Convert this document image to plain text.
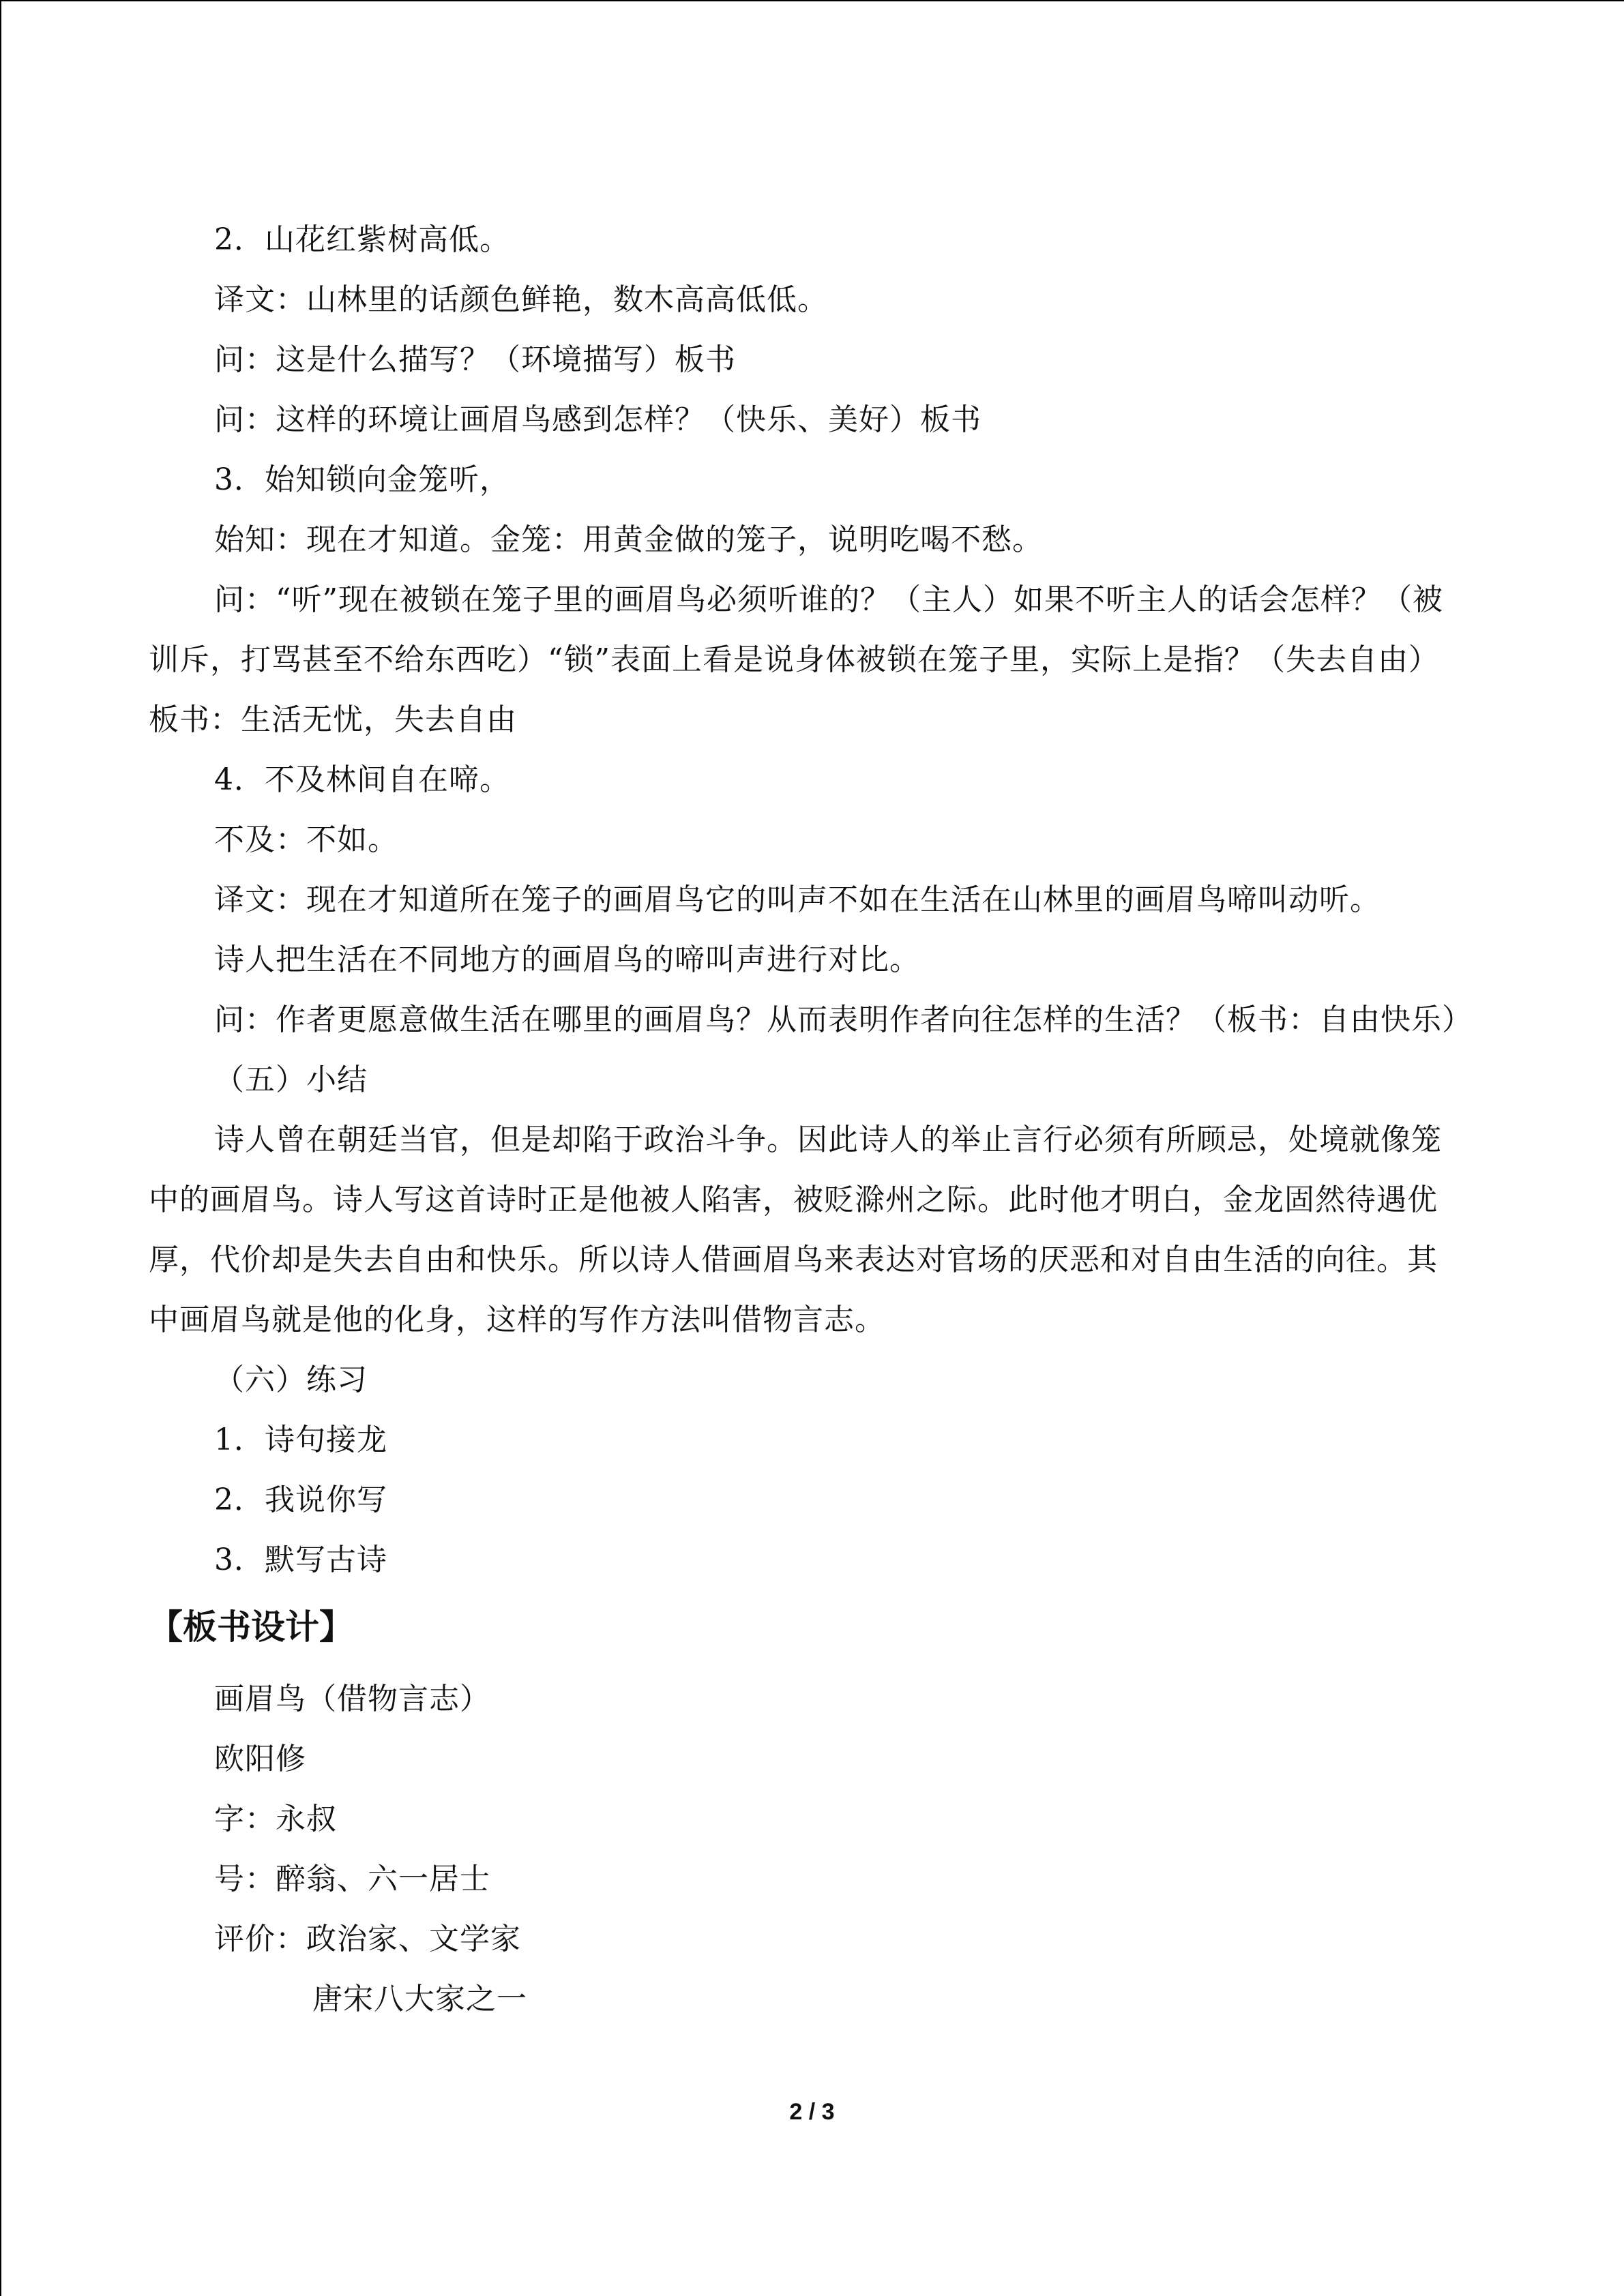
2．山花红紫树高低。

译文：山林里的话颜色鲜艳，数木高高低低。

问：这是什么描写？（环境描写）板书

问：这样的环境让画眉鸟感到怎样？（快乐、美好）板书

3．始知锁向金笼听，

始知：现在才知道。金笼：用黄金做的笼子，说明吃喝不愁。

问：“听”现在被锁在笼子里的画眉鸟必须听谁的？（主人）如果不听主人的话会怎样？（被训斥，打骂甚至不给东西吃）“锁”表面上看是说身体被锁在笼子里，实际上是指？（失去自由）板书：生活无忧，失去自由

4．不及林间自在啼。

不及：不如。

译文：现在才知道所在笼子的画眉鸟它的叫声不如在生活在山林里的画眉鸟啼叫动听。

诗人把生活在不同地方的画眉鸟的啼叫声进行对比。

问：作者更愿意做生活在哪里的画眉鸟？从而表明作者向往怎样的生活？（板书：自由快乐）

（五）小结

诗人曾在朝廷当官，但是却陷于政治斗争。因此诗人的举止言行必须有所顾忌，处境就像笼中的画眉鸟。诗人写这首诗时正是他被人陷害，被贬滁州之际。此时他才明白，金龙固然待遇优厚，代价却是失去自由和快乐。所以诗人借画眉鸟来表达对官场的厌恶和对自由生活的向往。其中画眉鸟就是他的化身，这样的写作方法叫借物言志。

（六）练习

1．诗句接龙

2．我说你写

3．默写古诗

【板书设计】

画眉鸟（借物言志）

欧阳修

字：永叔

号：醉翁、六一居士

评价：政治家、文学家

唐宋八大家之一

2 / 3
